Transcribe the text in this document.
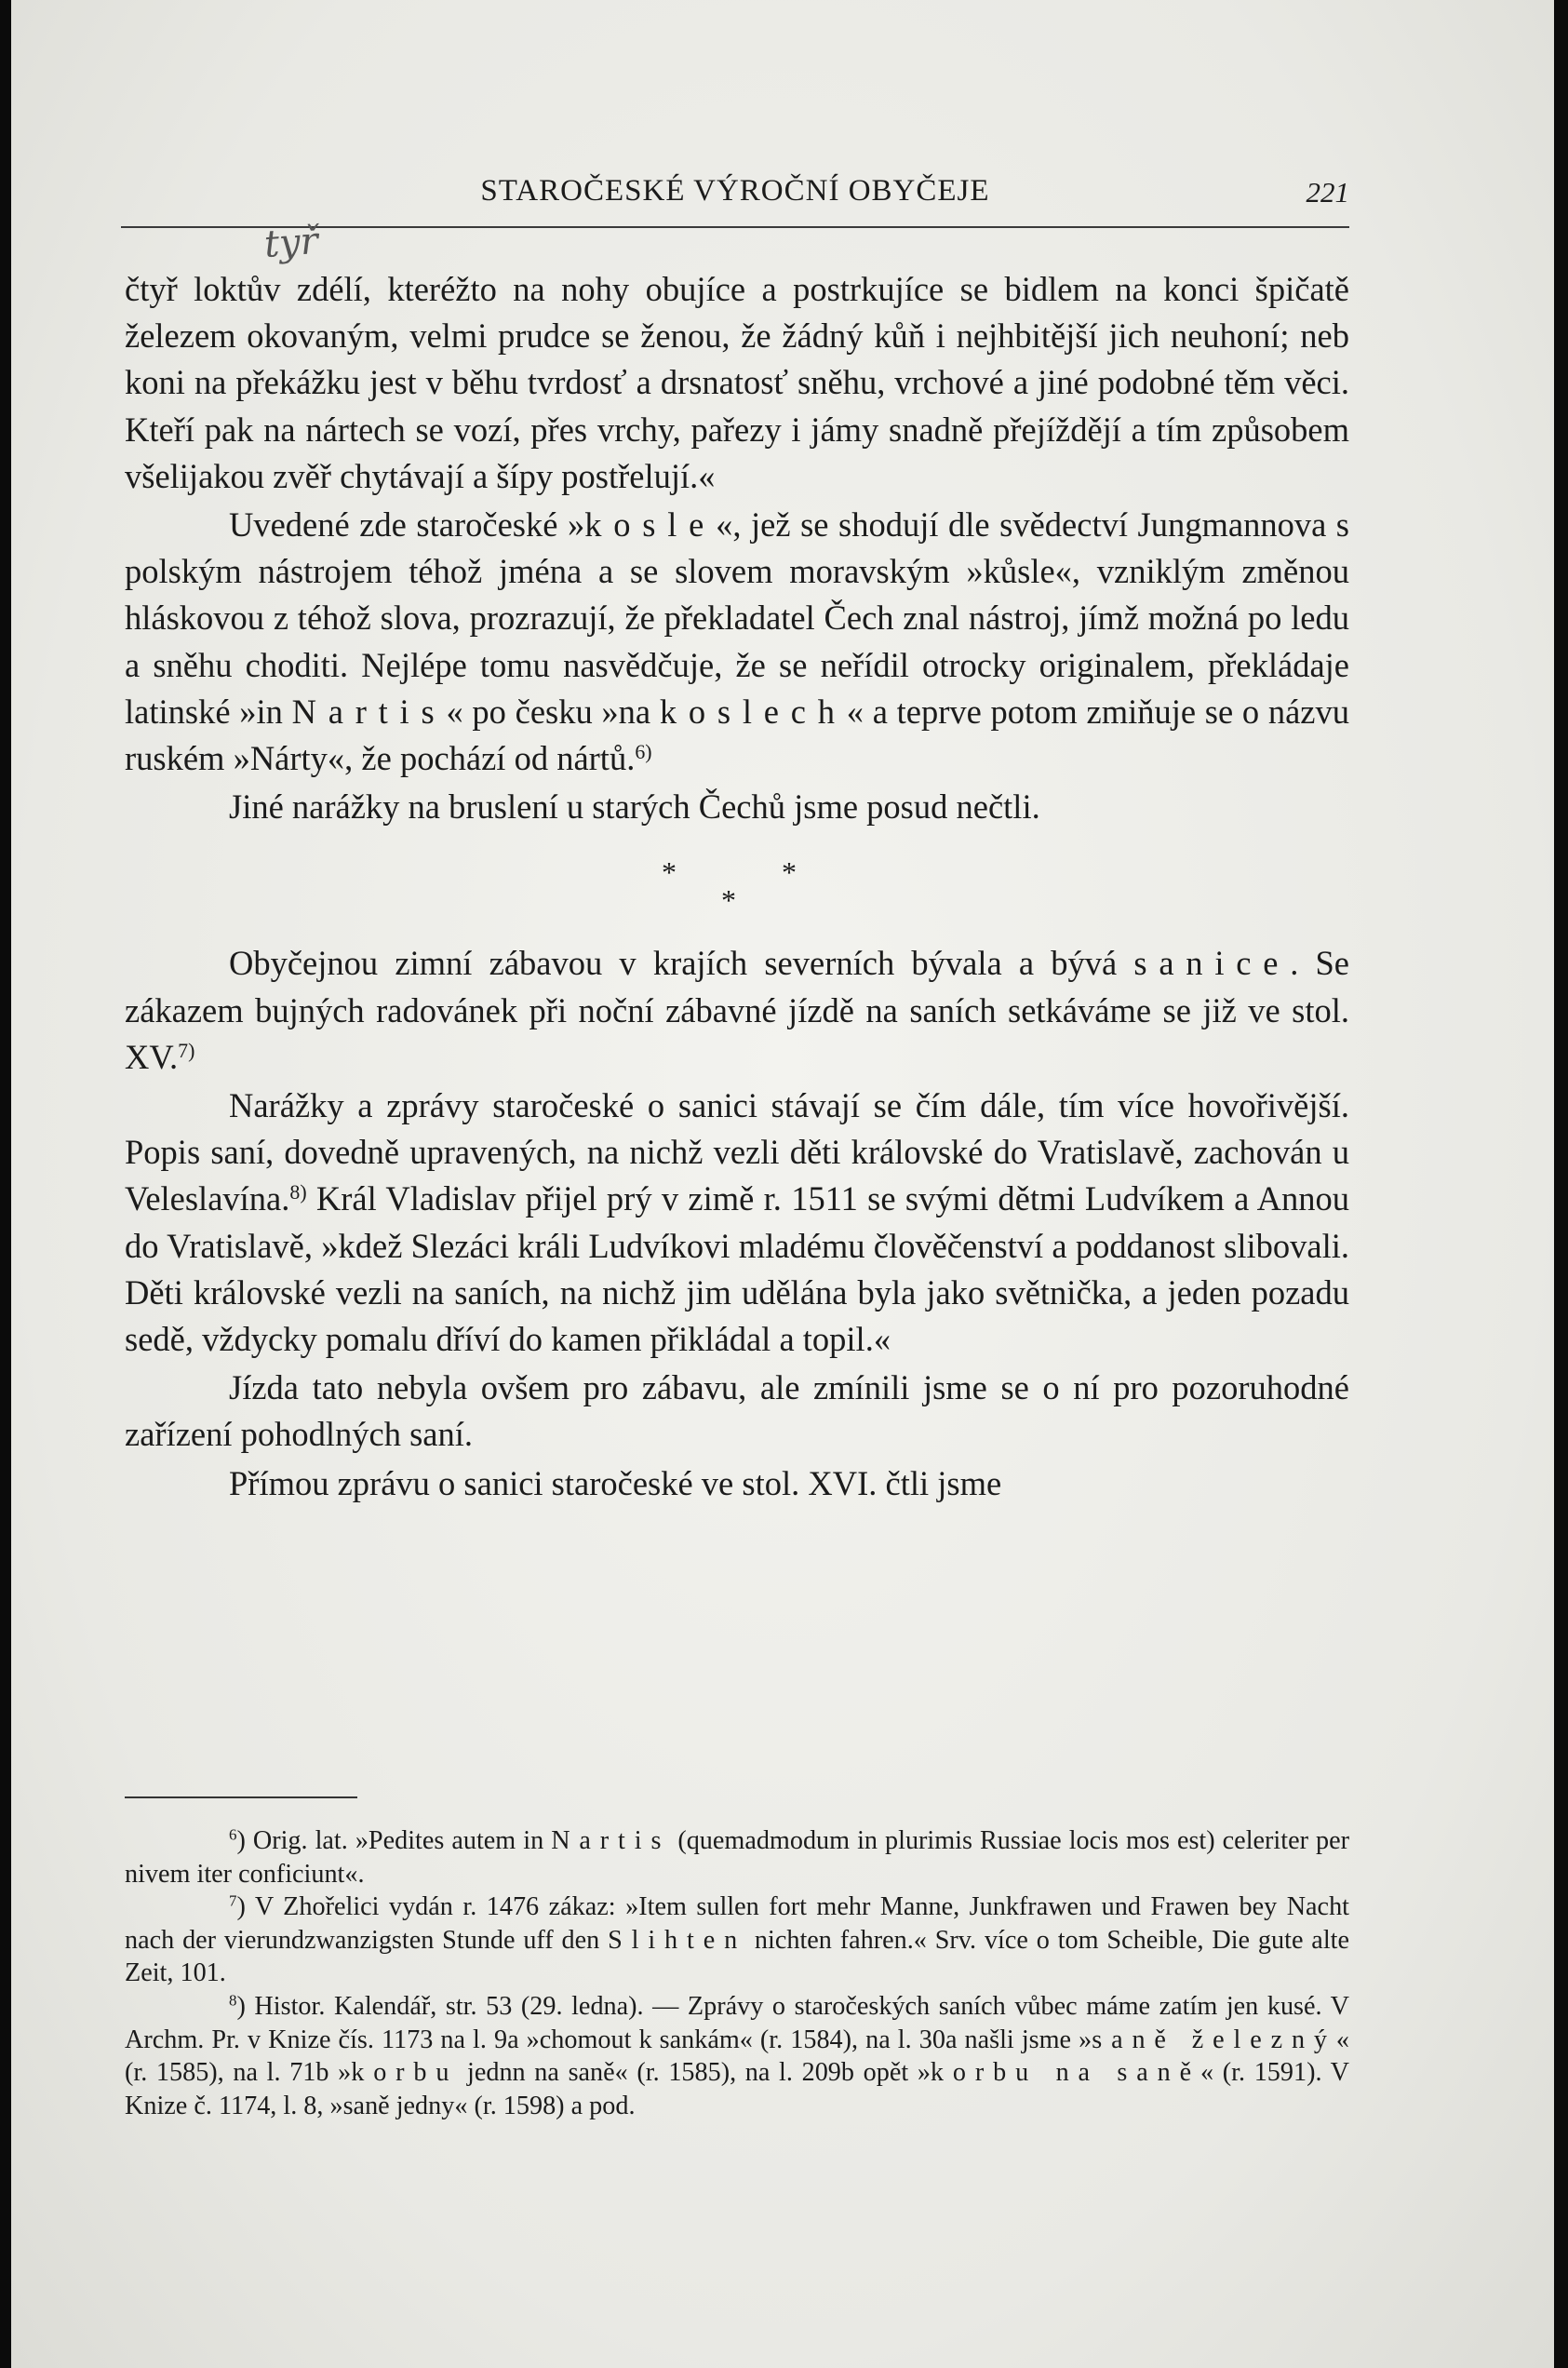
STAROČESKÉ VÝROČNÍ OBYČEJE	221
tyř

čtyř loktův zdélí, kteréžto na nohy obujíce a postrkujíce se bidlem na konci špičatě železem okovaným, velmi prudce se ženou, že žádný kůň i nejhbitější jich neuhoní; neb koni na překážku jest v běhu tvrdosť a drsnatosť sněhu, vrchové a jiné podobné těm věci. Kteří pak na nártech se vozí, přes vrchy, pařezy i jámy snadně přejíždějí a tím způsobem všelijakou zvěř chytávají a šípy postřelují.«

Uvedené zde staročeské »kosle«, jež se shodují dle svědectví Jungmannova s polským nástrojem téhož jména a se slovem moravským »kůsle«, vzniklým změnou hláskovou z téhož slova, prozrazují, že překladatel Čech znal nástroj, jímž možná po ledu a sněhu choditi. Nejlépe tomu nasvědčuje, že se neřídil otrocky originalem, překládaje latinské »in Nartis« po česku »na koslech« a teprve potom zmiňuje se o názvu ruském »Nárty«, že pochází od nártů.$^{6)}$

Jiné narážky na bruslení u starých Čechů jsme posud nečtli.

*	*
*

Obyčejnou zimní zábavou v krajích severních bývala a bývá sanice. Se zákazem bujných radovánek při noční zábavné jízdě na saních setkáváme se již ve stol. XV.$^{7)}$

Narážky a zprávy staročeské o sanici stávají se čím dále, tím více hovořivější. Popis saní, dovedně upravených, na nichž vezli děti královské do Vratislavě, zachován u Veleslavína.$^{8)}$ Král Vladislav přijel prý v zimě r. 1511 se svými dětmi Ludvíkem a Annou do Vratislavě, »kdež Slezáci králi Ludvíkovi mladému člověčenství a poddanost slibovali. Děti královské vezli na saních, na nichž jim udělána byla jako světnička, a jeden pozadu sedě, vždycky pomalu dříví do kamen přikládal a topil.«

Jízda tato nebyla ovšem pro zábavu, ale zmínili jsme se o ní pro pozoruhodné zařízení pohodlných saní.

Přímou zprávu o sanici staročeské ve stol. XVI. čtli jsme

$^6$) Orig. lat. »Pedites autem in Nartis (quemadmodum in plurimis Russiae locis mos est) celeriter per nivem iter conficiunt«.

$^7$) V Zhořelici vydán r. 1476 zákaz: »Item sullen fort mehr Manne, Junkfrawen und Frawen bey Nacht nach der vierundzwanzigsten Stunde uff den Slihten nichten fahren.« Srv. více o tom Scheible, Die gute alte Zeit, 101.

$^8$) Histor. Kalendář, str. 53 (29. ledna). — Zprávy o staročeských saních vůbec máme zatím jen kusé. V Archm. Pr. v Knize čís. 1173 na l. 9a »chomout k sankám« (r. 1584), na l. 30a našli jsme »saně železný« (r. 1585), na l. 71b »korbu jednn na saně« (r. 1585), na l. 209b opět »korbu na saně« (r. 1591). V Knize č. 1174, l. 8, »saně jedny« (r. 1598) a pod.
